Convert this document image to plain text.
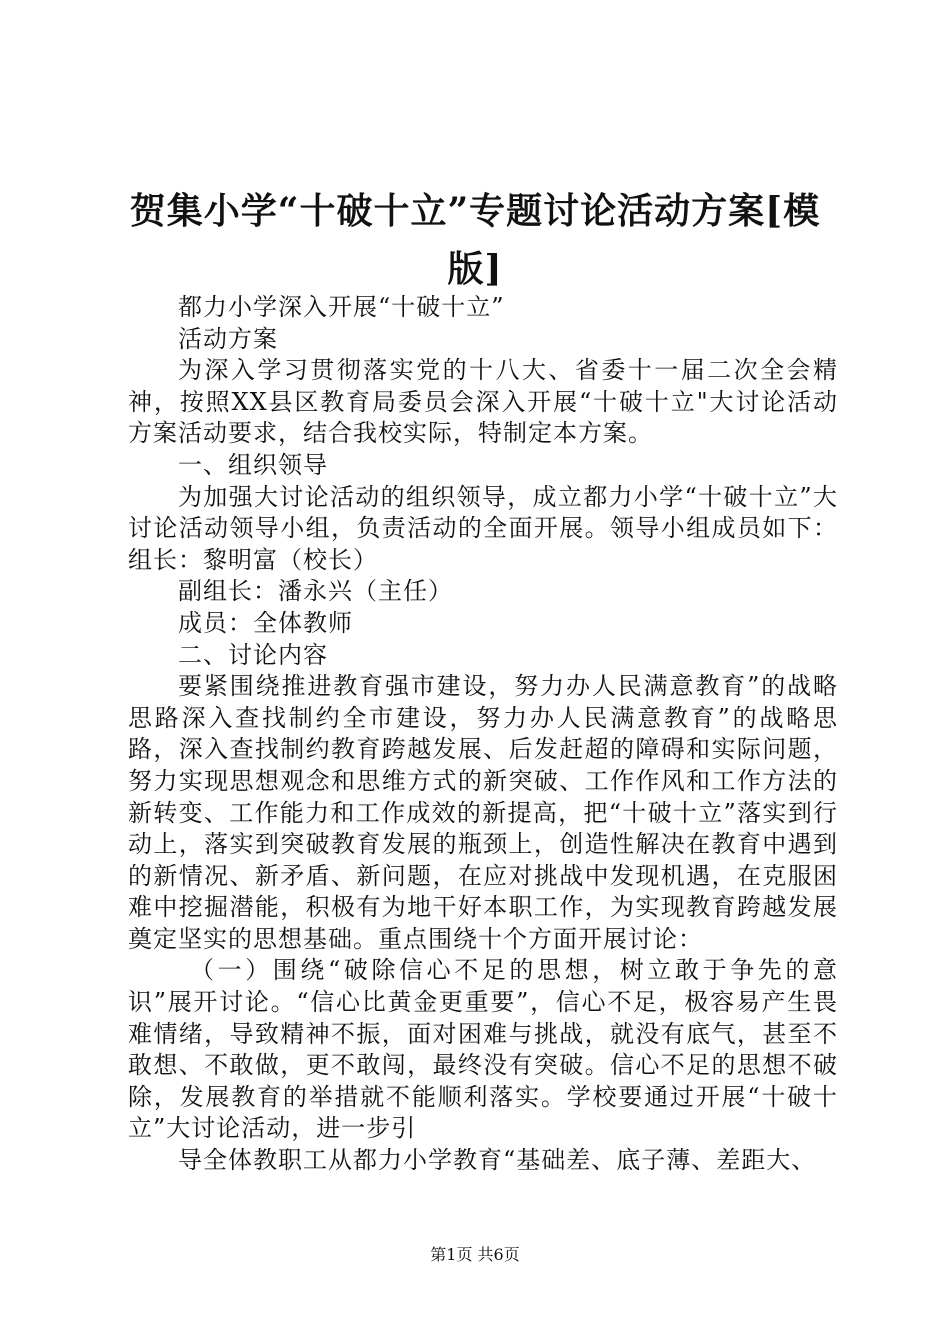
贺集小学“十破十立”专题讨论活动方案[模版]

都力小学深入开展“十破十立”

活动方案

为深入学习贯彻落实党的十八大、省委十一届二次全会精神，按照XX县区教育局委员会深入开展“十破十立"大讨论活动方案活动要求，结合我校实际，特制定本方案。

一、组织领导

为加强大讨论活动的组织领导，成立都力小学“十破十立”大讨论活动领导小组，负责活动的全面开展。领导小组成员如下：组长：黎明富（校长）

副组长：潘永兴（主任）

成员：全体教师

二、讨论内容

要紧围绕推进教育强市建设，努力办人民满意教育”的战略思路深入查找制约全市建设，努力办人民满意教育”的战略思路，深入查找制约教育跨越发展、后发赶超的障碍和实际问题，努力实现思想观念和思维方式的新突破、工作作风和工作方法的新转变、工作能力和工作成效的新提高，把“十破十立”落实到行动上，落实到突破教育发展的瓶颈上，创造性解决在教育中遇到的新情况、新矛盾、新问题，在应对挑战中发现机遇，在克服困难中挖掘潜能，积极有为地干好本职工作，为实现教育跨越发展奠定坚实的思想基础。重点围绕十个方面开展讨论：

（一）围绕“破除信心不足的思想，树立敢于争先的意识”展开讨论。“信心比黄金更重要”，信心不足，极容易产生畏难情绪，导致精神不振，面对困难与挑战，就没有底气，甚至不敢想、不敢做，更不敢闯，最终没有突破。信心不足的思想不破除，发展教育的举措就不能顺利落实。学校要通过开展“十破十立”大讨论活动，进一步引

导全体教职工从都力小学教育“基础差、底子薄、差距大、

第1页 共6页
